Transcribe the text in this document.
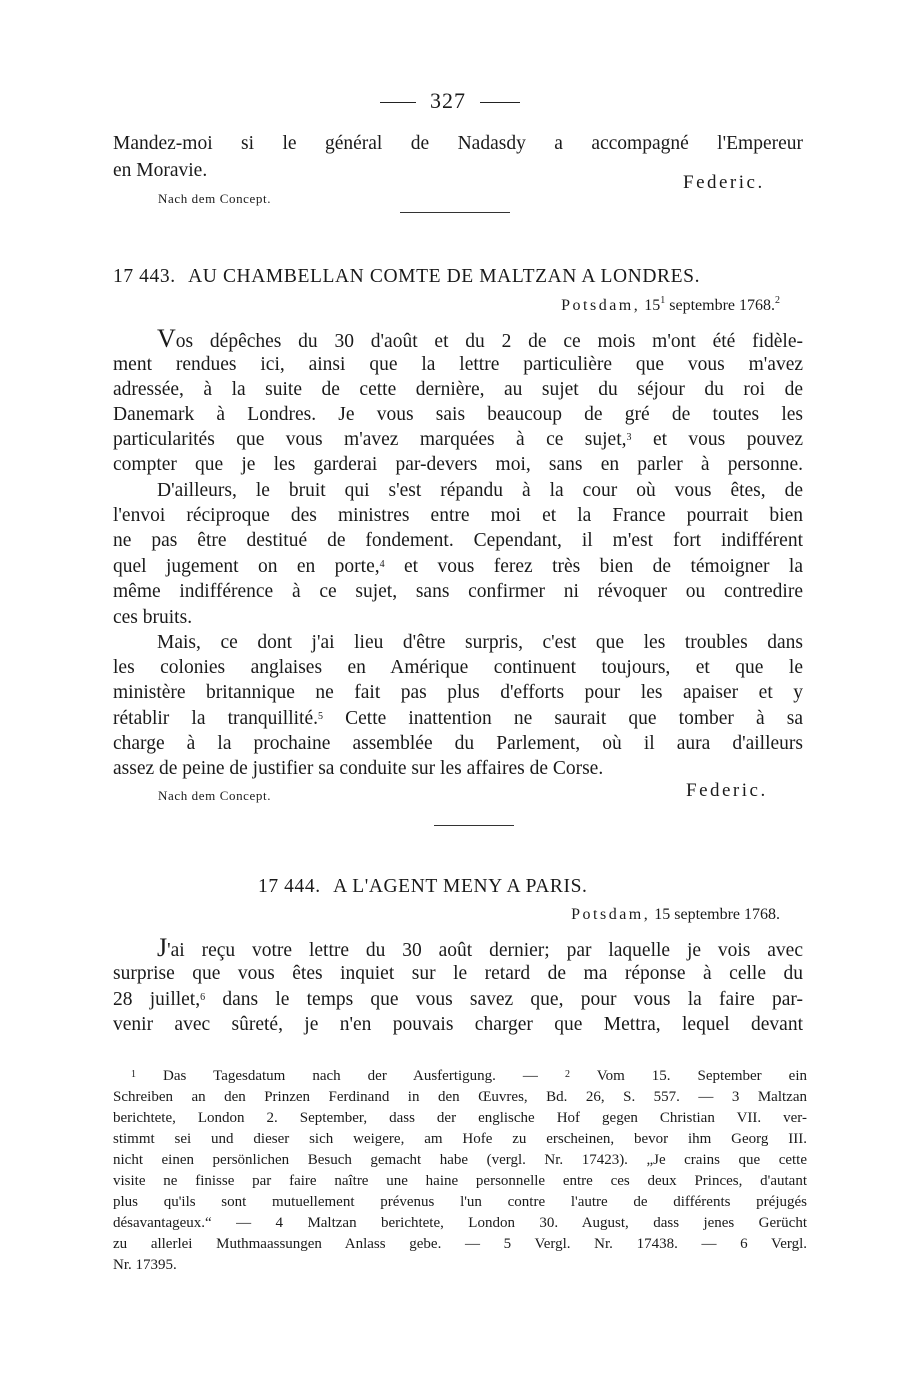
327
Mandez-moi si le général de Nadasdy a accompagné l'Empereur
en Moravie.
Federic.
Nach dem Concept.
17 443. AU CHAMBELLAN COMTE DE MALTZAN A LONDRES.
Potsdam, $15^1$ septembre 1768.$^2$
Vos dépêches du 30 d'août et du 2 de ce mois m'ont été fidèle-
ment rendues ici, ainsi que la lettre particulière que vous m'avez
adressée, à la suite de cette dernière, au sujet du séjour du roi de
Danemark à Londres. Je vous sais beaucoup de gré de toutes les
particularités que vous m'avez marquées à ce sujet,$^3$ et vous pouvez
compter que je les garderai par-devers moi, sans en parler à personne.
D'ailleurs, le bruit qui s'est répandu à la cour où vous êtes, de
l'envoi réciproque des ministres entre moi et la France pourrait bien
ne pas être destitué de fondement. Cependant, il m'est fort indifférent
quel jugement on en porte,$^4$ et vous ferez très bien de témoigner la
même indifférence à ce sujet, sans confirmer ni révoquer ou contredire
ces bruits.
Mais, ce dont j'ai lieu d'être surpris, c'est que les troubles dans
les colonies anglaises en Amérique continuent toujours, et que le
ministère britannique ne fait pas plus d'efforts pour les apaiser et y
rétablir la tranquillité.$^5$ Cette inattention ne saurait que tomber à sa
charge à la prochaine assemblée du Parlement, où il aura d'ailleurs
assez de peine de justifier sa conduite sur les affaires de Corse.
Nach dem Concept.	Federic.
17 444. A L'AGENT MENY A PARIS.
Potsdam, 15 septembre 1768.
J'ai reçu votre lettre du 30 août dernier; par laquelle je vois avec
surprise que vous êtes inquiet sur le retard de ma réponse à celle du
28 juillet,$^6$ dans le temps que vous savez que, pour vous la faire par-
venir avec sûreté, je n'en pouvais charger que Mettra, lequel devant
$^1$ Das Tagesdatum nach der Ausfertigung. —	$^2$ Vom 15. September ein
Schreiben an den Prinzen Ferdinand in den Œuvres, Bd. 26, S. 557. — 3 Maltzan
berichtete, London 2. September, dass der englische Hof gegen Christian VII. ver-
stimmt sei und dieser sich weigere, am Hofe zu erscheinen, bevor ihm Georg III.
nicht einen persönlichen Besuch gemacht habe (vergl. Nr. 17423). „Je crains que cette
visite ne finisse par faire naître une haine personnelle entre ces deux Princes, d'autant
plus qu'ils sont mutuellement prévenus l'un contre l'autre de différents préjugés
désavantageux.“ — 4 Maltzan berichtete, London 30. August, dass jenes Gerücht
zu allerlei Muthmaassungen Anlass gebe. — 5 Vergl. Nr. 17438. — 6 Vergl.
Nr. 17395.
